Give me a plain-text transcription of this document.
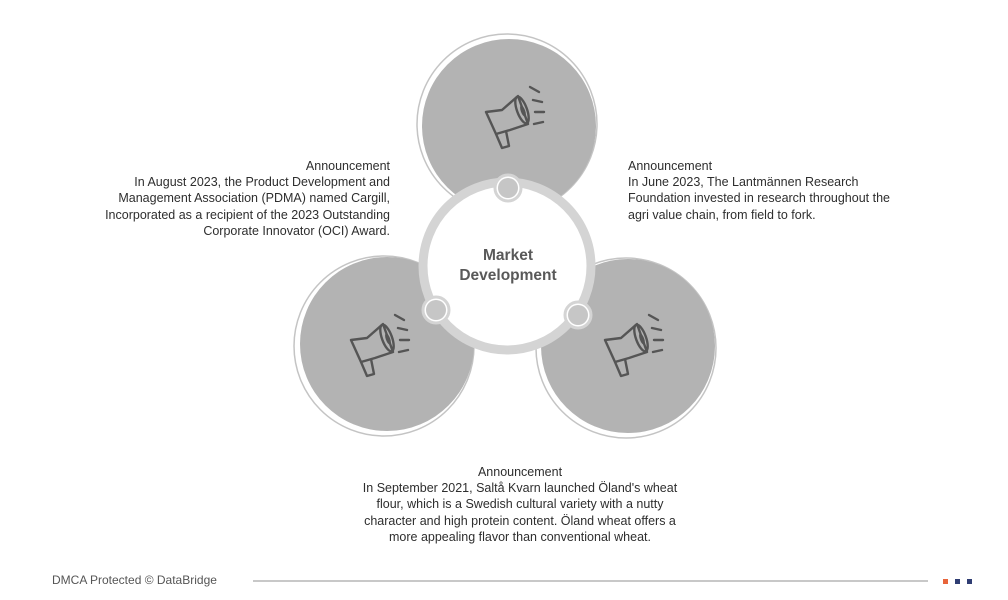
Market
Development
Announcement
In August 2023, the Product Development and Management Association (PDMA) named Cargill, Incorporated as a recipient of the 2023 Outstanding Corporate Innovator (OCI) Award.
Announcement
In June 2023, The Lantmännen Research Foundation invested in research throughout the agri value chain, from field to fork.
Announcement
In September 2021, Saltå Kvarn launched Öland's wheat flour, which is a Swedish cultural variety with a nutty character and high protein content. Öland wheat offers a more appealing flavor than conventional wheat.
DMCA Protected © DataBridge
